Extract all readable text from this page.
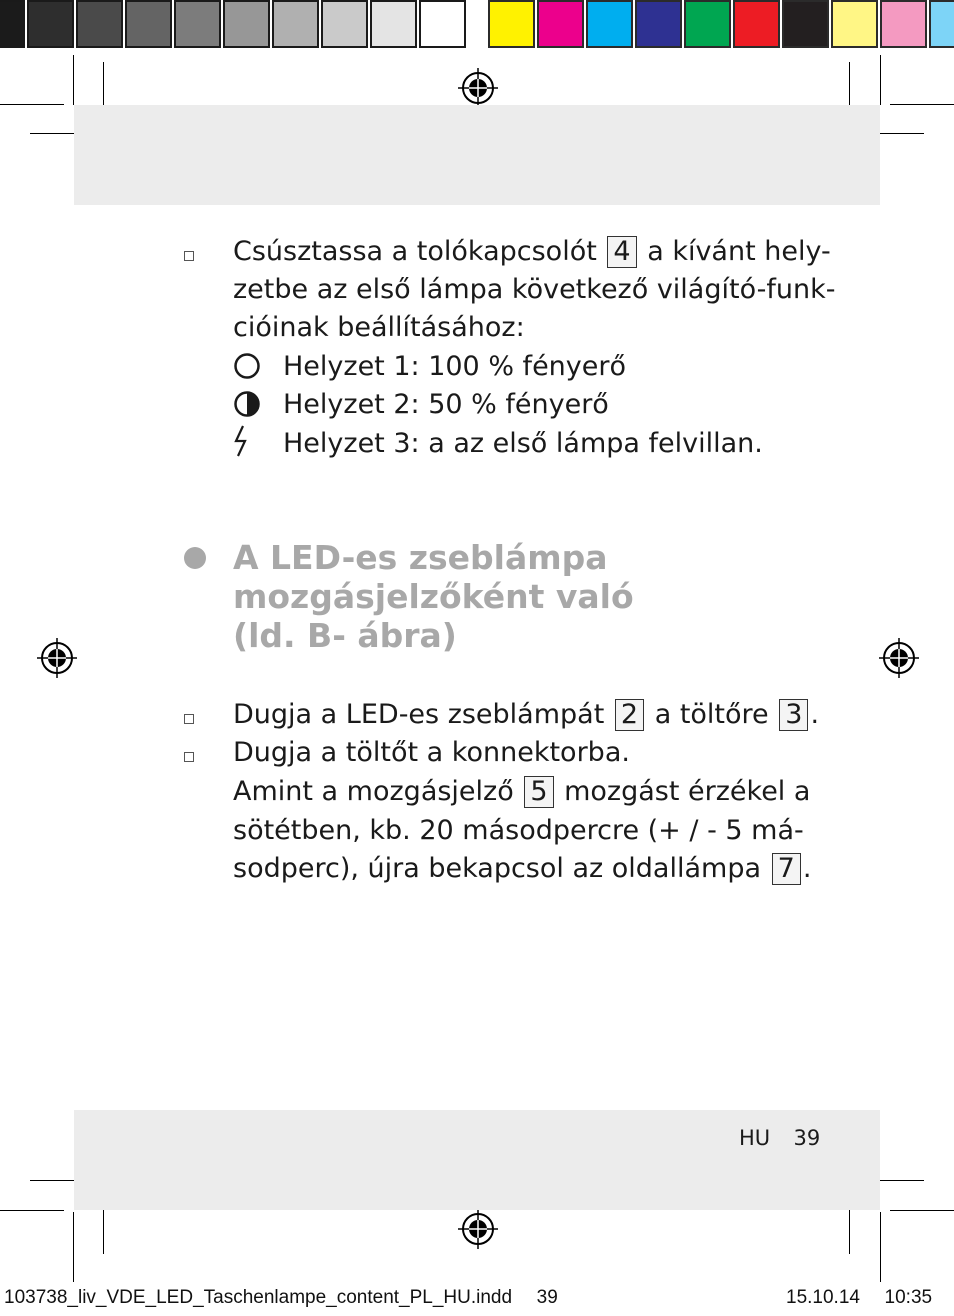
Csúsztassa a tolókapcsolót 4 a kívánt hely-
zetbe az első lámpa következő világító-funk-
cióinak beállításához:
Helyzet 1: 100 % fényerő
Helyzet 2: 50 % fényerő
Helyzet 3: a az első lámpa felvillan.
A LED-es zseblámpa
mozgásjelzőként való
(ld. B- ábra)
Dugja a LED-es zseblámpát 2 a töltőre 3 .
Dugja a töltőt a konnektorba.
Amint a mozgásjelző 5 mozgást érzékel a
sötétben, kb. 20 másodpercre (+ / - 5 má-
sodperc), újra bekapcsol az oldallámpa 7 .
HU 39
103738_liv_VDE_LED_Taschenlampe_content_PL_HU.indd 39	15.10.14 10:35
